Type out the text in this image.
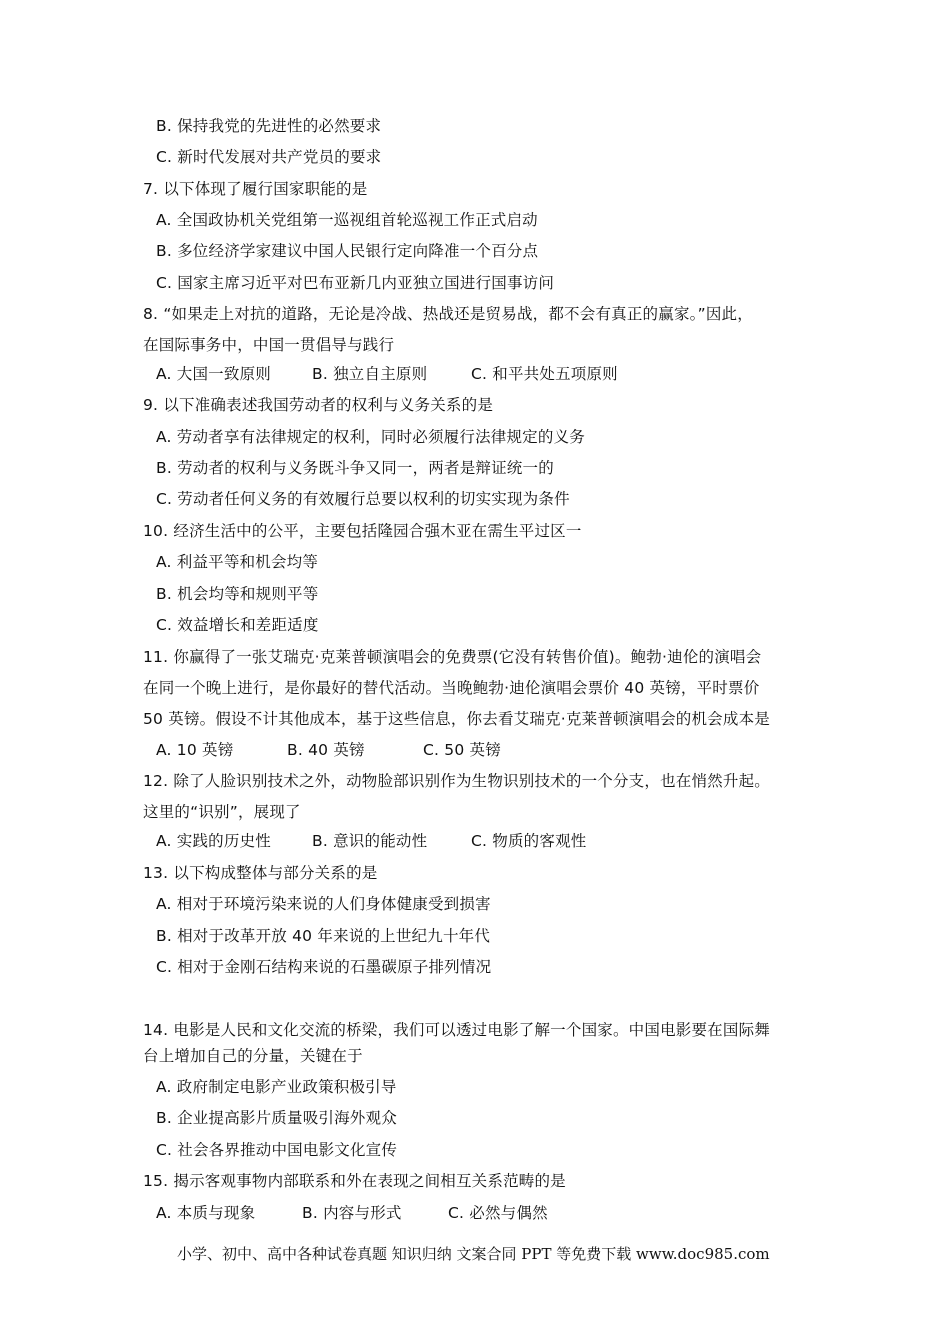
B. 保持我党的先进性的必然要求
C. 新时代发展对共产党员的要求
7. 以下体现了履行国家职能的是
A. 全国政协机关党组第一巡视组首轮巡视工作正式启动
B. 多位经济学家建议中国人民银行定向降准一个百分点
C. 国家主席习近平对巴布亚新几内亚独立国进行国事访问
8. “如果走上对抗的道路，无论是冷战、热战还是贸易战，都不会有真正的赢家。”因此，
在国际事务中，中国一贯倡导与践行
A. 大国一致原则	B. 独立自主原则	C. 和平共处五项原则
9. 以下准确表述我国劳动者的权利与义务关系的是
A. 劳动者享有法律规定的权利，同时必须履行法律规定的义务
B. 劳动者的权利与义务既斗争又同一，两者是辩证统一的
C. 劳动者任何义务的有效履行总要以权利的切实实现为条件
10. 经济生活中的公平，主要包括隆园合强木亚在需生平过区一
A. 利益平等和机会均等
B. 机会均等和规则平等
C. 效益增长和差距适度
11. 你赢得了一张艾瑞克·克莱普顿演唱会的免费票(它没有转售价值)。鲍勃·迪伦的演唱会
在同一个晚上进行，是你最好的替代活动。当晚鲍勃·迪伦演唱会票价 40 英镑，平时票价
50 英镑。假设不计其他成本，基于这些信息，你去看艾瑞克·克莱普顿演唱会的机会成本是
A. 10 英镑	B. 40 英镑	C. 50 英镑
12. 除了人脸识别技术之外，动物脸部识别作为生物识别技术的一个分支，也在悄然升起。
这里的“识别”，展现了
A. 实践的历史性	B. 意识的能动性	C. 物质的客观性
13. 以下构成整体与部分关系的是
A. 相对于环境污染来说的人们身体健康受到损害
B. 相对于改革开放 40 年来说的上世纪九十年代
C. 相对于金刚石结构来说的石墨碳原子排列情况
14. 电影是人民和文化交流的桥梁，我们可以透过电影了解一个国家。中国电影要在国际舞
台上增加自己的分量，关键在于
A. 政府制定电影产业政策积极引导
B. 企业提高影片质量吸引海外观众
C. 社会各界推动中国电影文化宣传
15. 揭示客观事物内部联系和外在表现之间相互关系范畴的是
A. 本质与现象	B. 内容与形式	C. 必然与偶然
小学、初中、高中各种试卷真题 知识归纳 文案合同 PPT 等免费下载 www.doc985.com
